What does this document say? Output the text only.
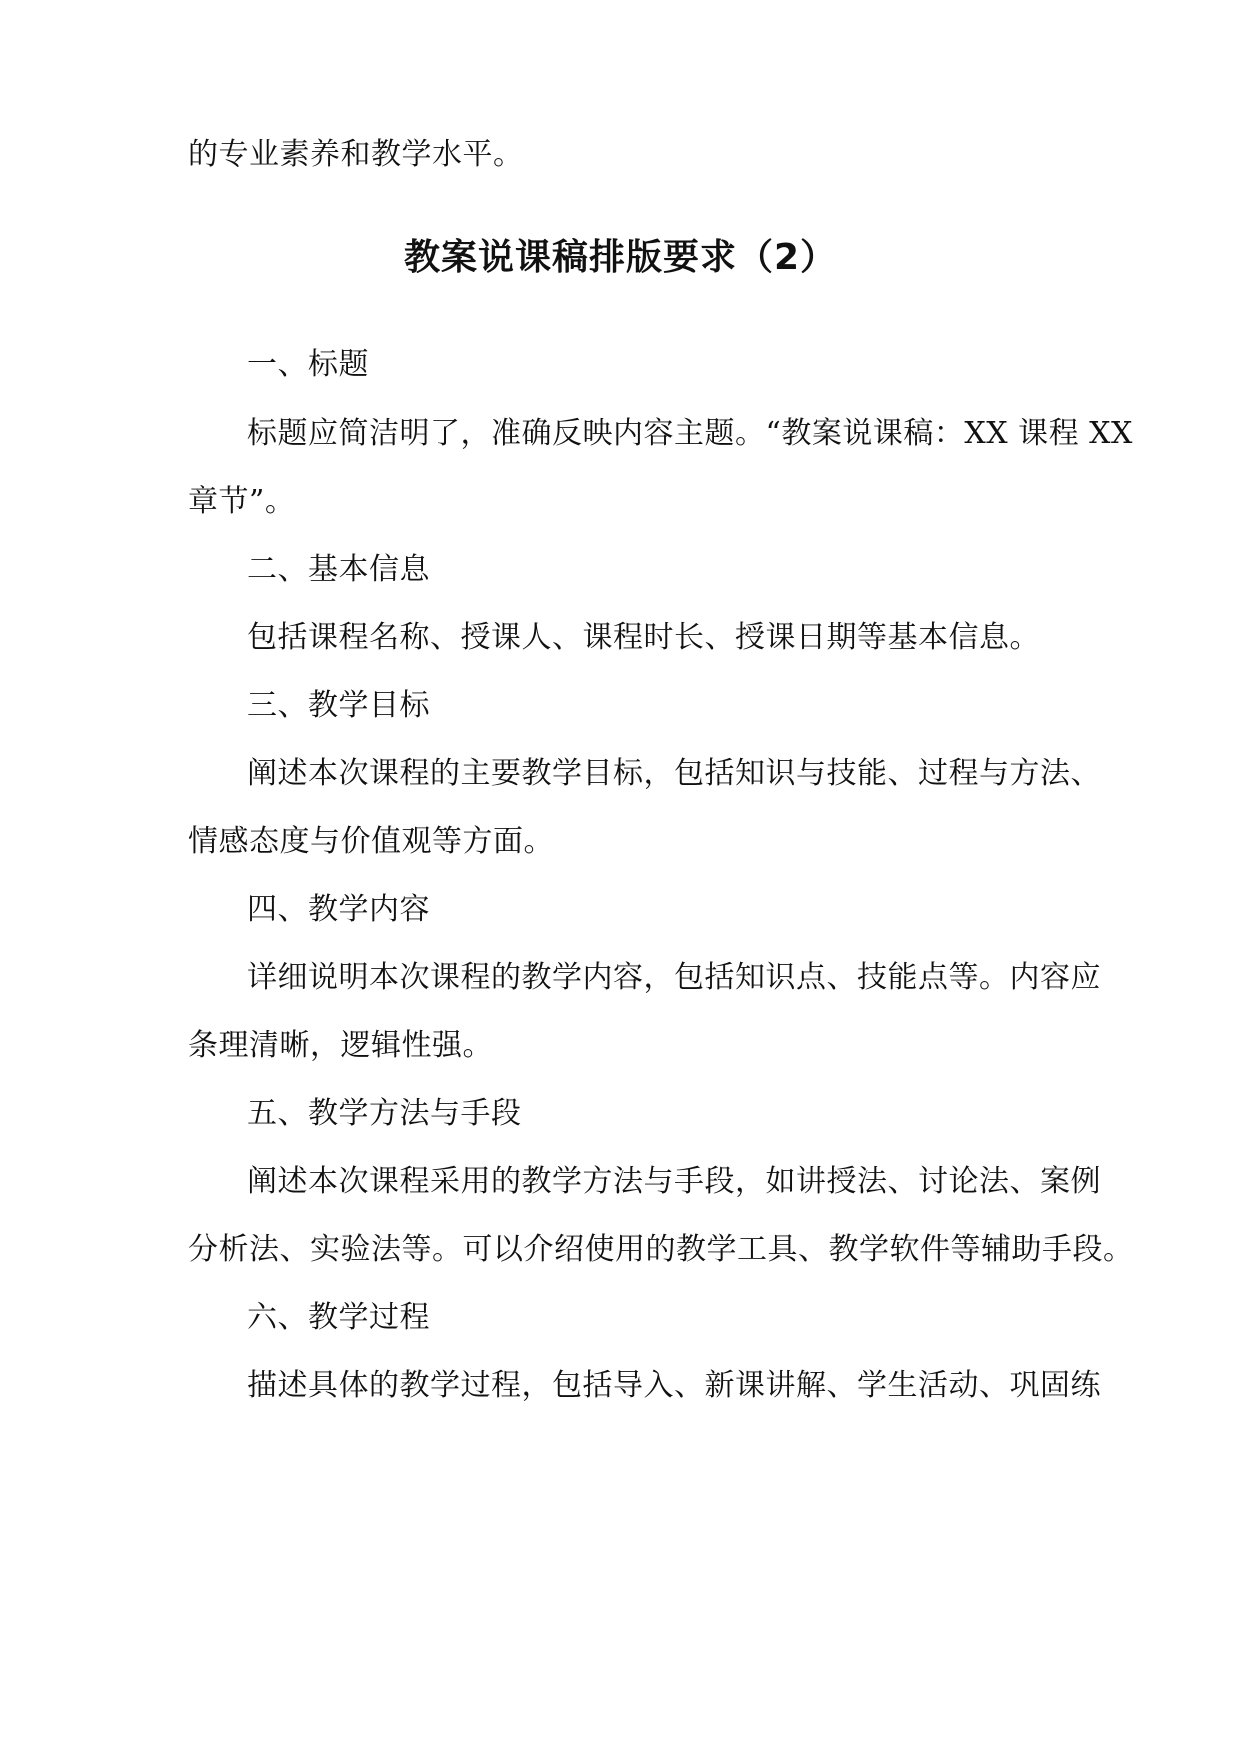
的专业素养和教学水平。
教案说课稿排版要求（2）
一、标题
标题应简洁明了，准确反映内容主题。“教案说课稿：XX 课程 XX
章节”。
二、基本信息
包括课程名称、授课人、课程时长、授课日期等基本信息。
三、教学目标
阐述本次课程的主要教学目标，包括知识与技能、过程与方法、
情感态度与价值观等方面。
四、教学内容
详细说明本次课程的教学内容，包括知识点、技能点等。内容应
条理清晰，逻辑性强。
五、教学方法与手段
阐述本次课程采用的教学方法与手段，如讲授法、讨论法、案例
分析法、实验法等。可以介绍使用的教学工具、教学软件等辅助手段。
六、教学过程
描述具体的教学过程，包括导入、新课讲解、学生活动、巩固练
